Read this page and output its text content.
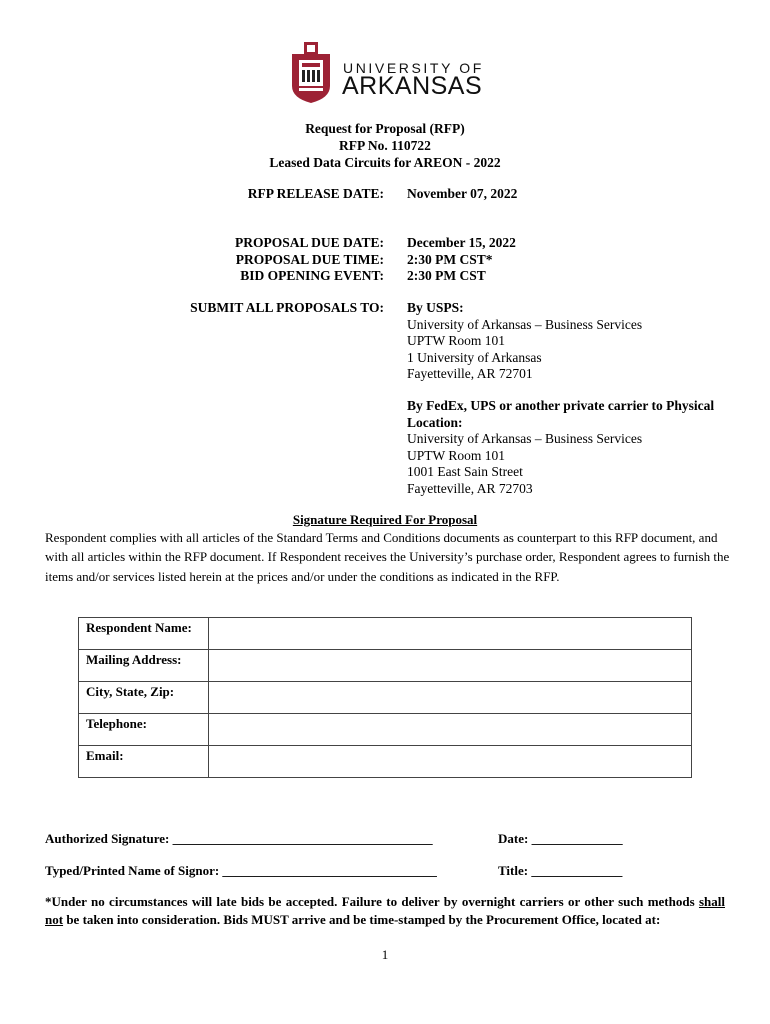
UNIVERSITY OF
ARKANSAS
Request for Proposal (RFP)
RFP No. 110722
Leased Data Circuits for AREON - 2022
RFP RELEASE DATE: November 07, 2022
PROPOSAL DUE DATE: December 15, 2022
PROPOSAL DUE TIME: 2:30 PM CST*
BID OPENING EVENT: 2:30 PM CST
SUBMIT ALL PROPOSALS TO: By USPS:
University of Arkansas – Business Services
UPTW Room 101
1 University of Arkansas
Fayetteville, AR 72701
By FedEx, UPS or another private carrier to Physical
Location:
University of Arkansas – Business Services
UPTW Room 101
1001 East Sain Street
Fayetteville, AR 72703
Signature Required For Proposal
Respondent complies with all articles of the Standard Terms and Conditions documents as counterpart to this RFP document, and with all articles within the RFP document. If Respondent receives the University’s purchase order, Respondent agrees to furnish the items and/or services listed herein at the prices and/or under the conditions as indicated in the RFP.
Respondent Name:	
Mailing Address:	
City, State, Zip:	
Telephone:	
Email:	
Authorized Signature: ________________________________________	Date: ______________
Typed/Printed Name of Signor: _________________________________	Title: ______________
*Under no circumstances will late bids be accepted. Failure to deliver by overnight carriers or other such methods shall not be taken into consideration. Bids MUST arrive and be time-stamped by the Procurement Office, located at:
1
